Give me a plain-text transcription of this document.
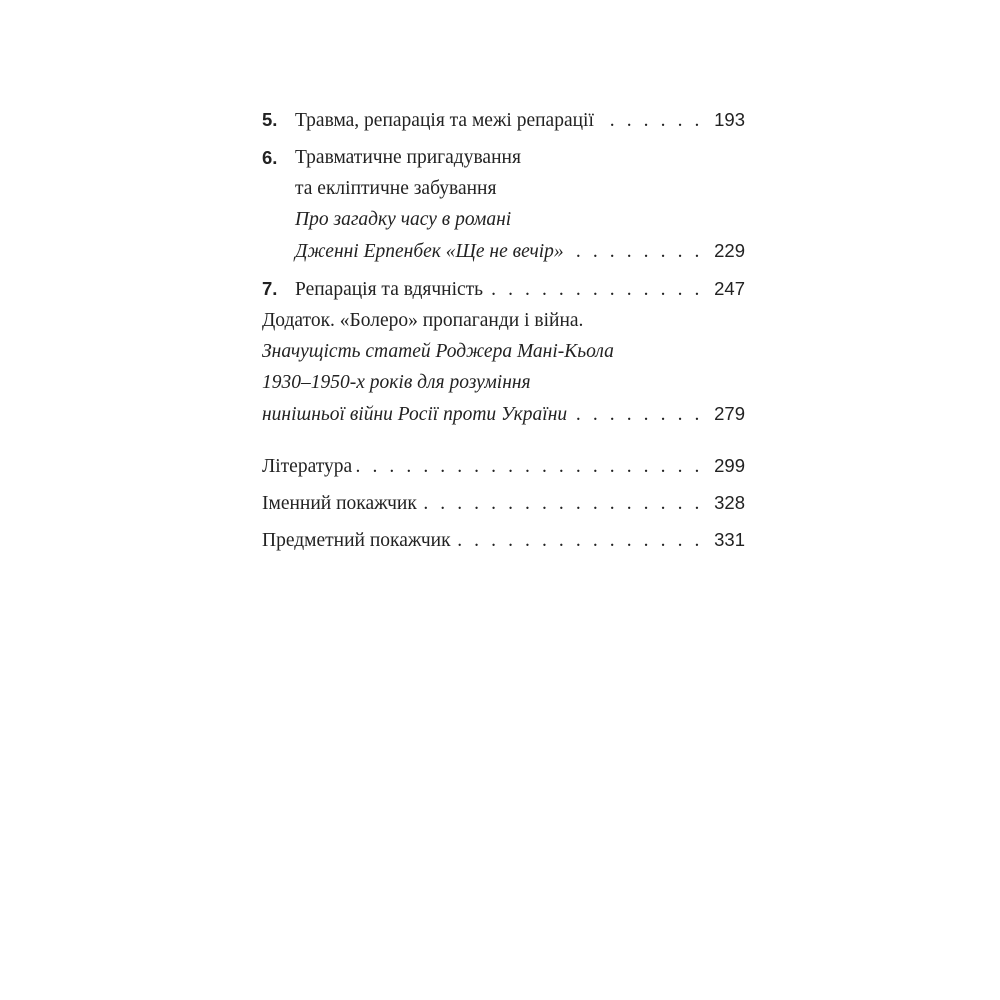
5. Травма, репарація та межі репарації . . .	193
6. Травматичне пригадування
та екліптичне забування
Про загадку часу в романі
Дженні Ерпенбек «Ще не вечір» . . .	229
7. Репарація та вдячність . . .	247
Додаток. «Болеро» пропаганди і війна.
Значущість статей Роджера Мані-Кьола
1930–1950-х років для розуміння
нинішньої війни Росії проти України . . .	279
Література . . .	299
Іменний покажчик . . .	328
Предметний покажчик . . .	331
